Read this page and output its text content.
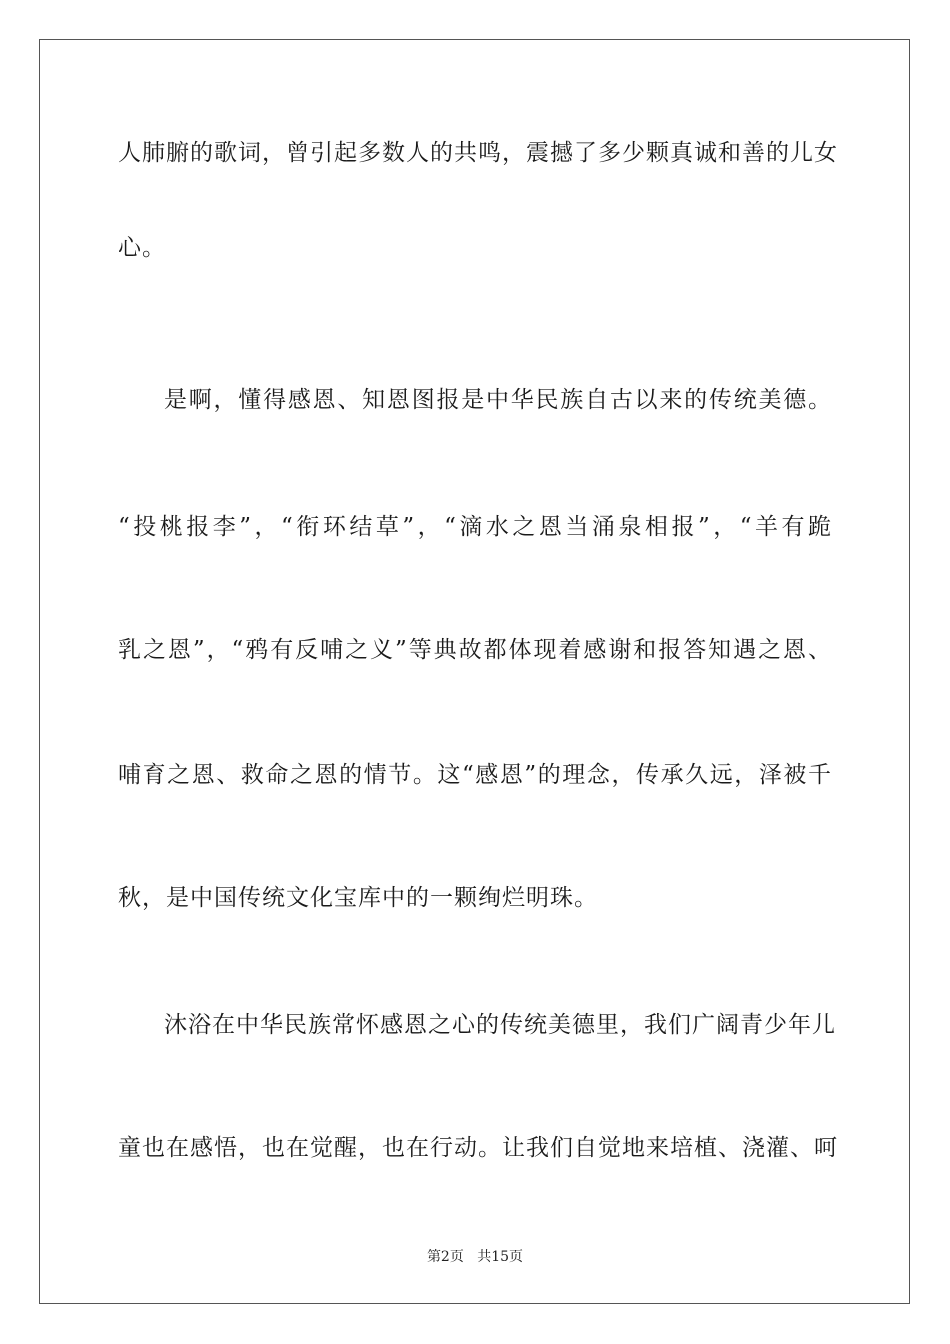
人肺腑的歌词，曾引起多数人的共鸣，震撼了多少颗真诚和善的儿女
心。
是啊，懂得感恩、知恩图报是中华民族自古以来的传统美德。
“投桃报李”，“衔环结草”，“滴水之恩当涌泉相报”，“羊有跪
乳之恩”，“鸦有反哺之义”等典故都体现着感谢和报答知遇之恩、
哺育之恩、救命之恩的情节。这“感恩”的理念，传承久远，泽被千
秋，是中国传统文化宝库中的一颗绚烂明珠。
沐浴在中华民族常怀感恩之心的传统美德里，我们广阔青少年儿
童也在感悟，也在觉醒，也在行动。让我们自觉地来培植、浇灌、呵
第2页 共15页
